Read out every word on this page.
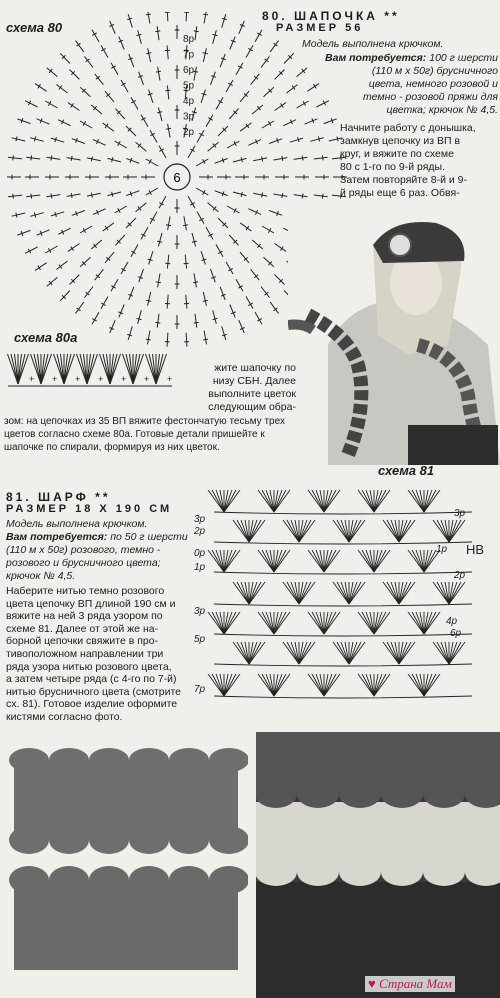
схема 80
6
8р
7р
6р
5р
4р
3р
2р
80. ШАПОЧКА **
РАЗМЕР 56
Модель выполнена крючком.
Вам потребуется: 100 г шерсти
(110 м х 50г) брусничного
цвета, немного розовой и
темно - розовой пряжи для
цветка; крючок № 4,5.
Начните работу с донышка,
замкнув цепочку из ВП в
круг, и вяжите по схеме
80 с 1-го по 9-й ряды.
Затем повторяйте 8-й и 9-
й ряды еще 6 раз. Обвя-
схема 80а
+ + + + + + +
жите шапочку по
низу СБН. Далее
выполните цветок
следующим обра-
зом: на цепочках из 35 ВП вяжите фестончатую тесьму трех
цветов согласно схеме 80а. Готовые детали пришейте к
шапочке по спирали, формируя из них цветок.
81. ШАРФ **
РАЗМЕР 18 Х 190 СМ
Модель выполнена крючком.
Вам потребуется: по 50 г шерсти
(110 м х 50г) розового, темно -
розового и брусничного цвета;
крючок № 4,5.
Наберите нитью темно розового
цвета цепочку ВП длиной 190 см и
вяжите на ней 3 ряда узором по
схеме 81. Далее от этой же на-
борной цепочки свяжите в про-
тивоположном направлении три
ряда узора нитью розового цвета,
а затем четыре ряда (с 4-го по 7-й)
нитью брусничного цвета (смотрите
сх. 81). Готовое изделие оформите
кистями согласно фото.
схема 81
3р
2р
0р
1р
3р
5р
7р
3р
1р НВ
2р
4р
6р
♥ Страна Мам
